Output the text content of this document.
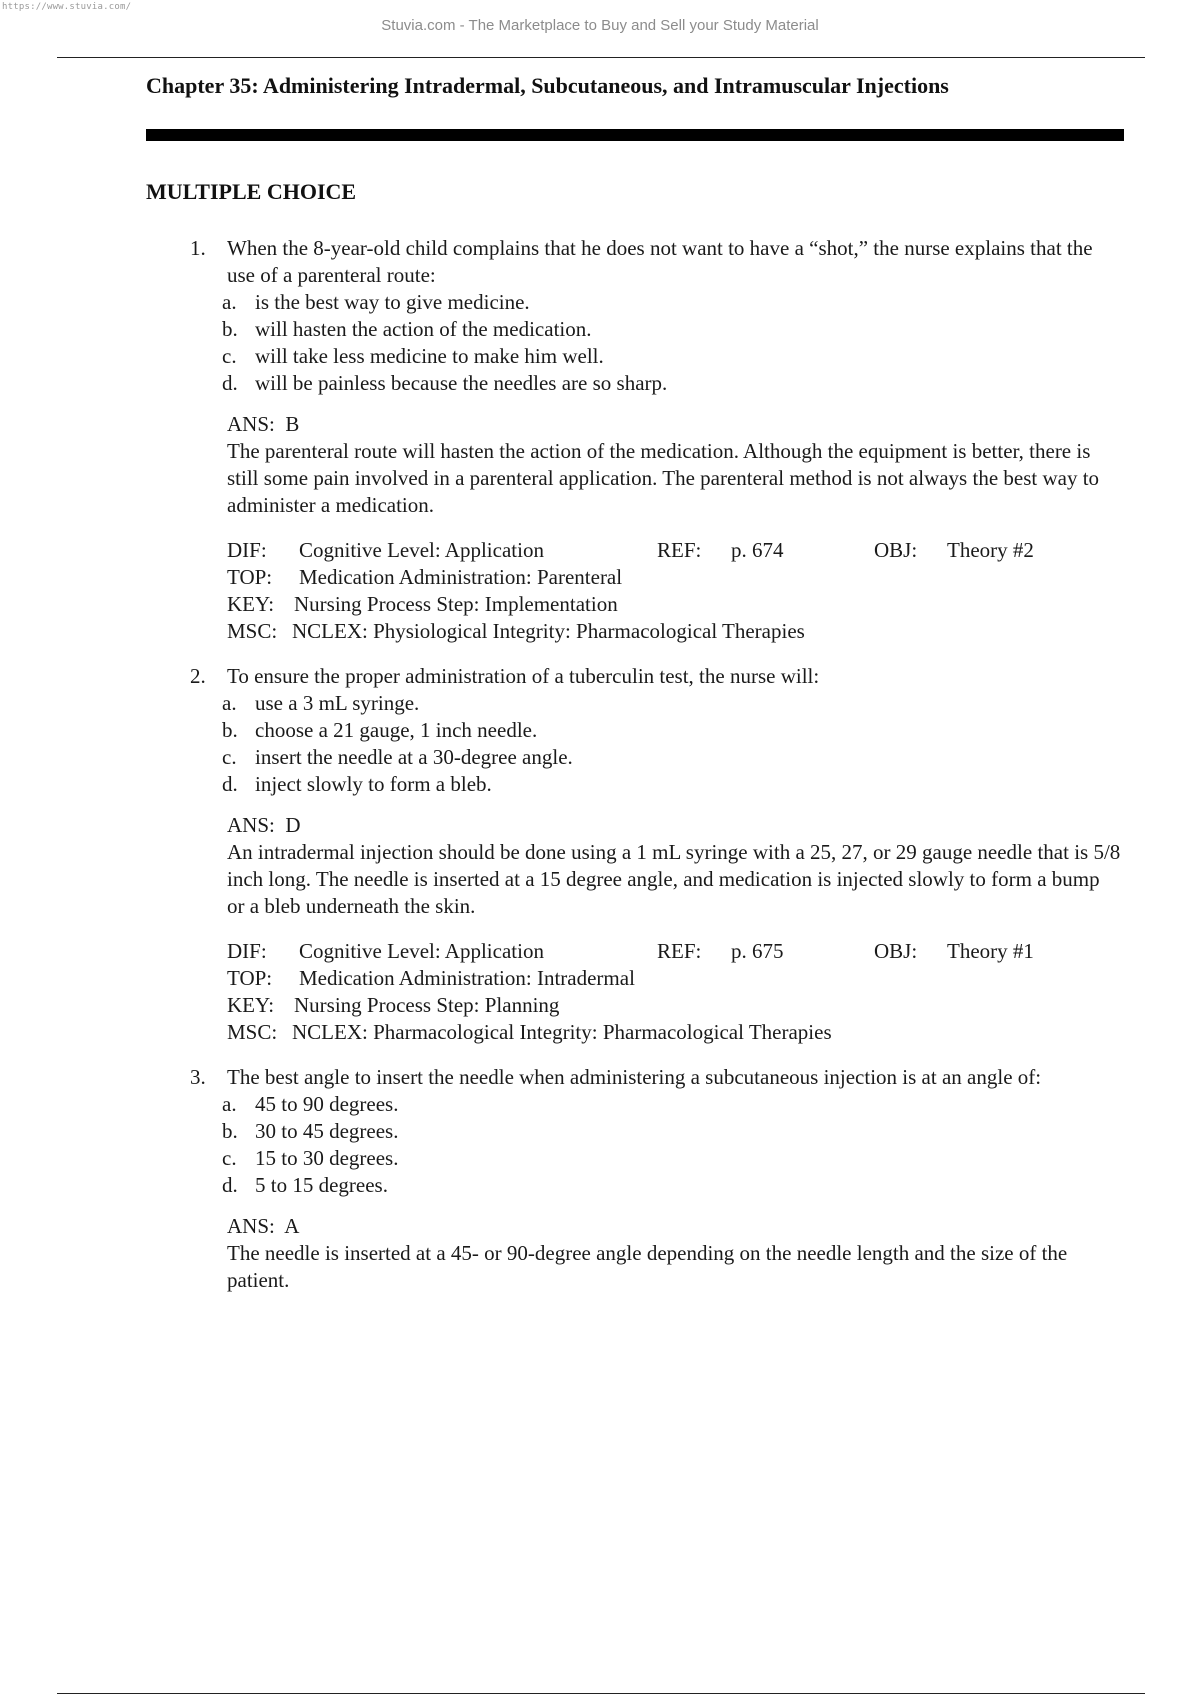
https://www.stuvia.com/
Stuvia.com - The Marketplace to Buy and Sell your Study Material
Chapter 35: Administering Intradermal, Subcutaneous, and Intramuscular Injections
MULTIPLE CHOICE
1.	When the 8-year-old child complains that he does not want to have a “shot,” the nurse explains that the use of a parenteral route:
a. is the best way to give medicine.
b. will hasten the action of the medication.
c. will take less medicine to make him well.
d. will be painless because the needles are so sharp.

ANS: B

The parenteral route will hasten the action of the medication. Although the equipment is better, there is still some pain involved in a parenteral application. The parenteral method is not always the best way to administer a medication.

DIF: Cognitive Level: Application	REF: p. 674	OBJ: Theory #2
TOP: Medication Administration: Parenteral
KEY: Nursing Process Step: Implementation
MSC: NCLEX: Physiological Integrity: Pharmacological Therapies
2.	To ensure the proper administration of a tuberculin test, the nurse will:
a. use a 3 mL syringe.
b. choose a 21 gauge, 1 inch needle.
c. insert the needle at a 30-degree angle.
d. inject slowly to form a bleb.

ANS: D

An intradermal injection should be done using a 1 mL syringe with a 25, 27, or 29 gauge needle that is 5/8 inch long. The needle is inserted at a 15 degree angle, and medication is injected slowly to form a bump or a bleb underneath the skin.

DIF: Cognitive Level: Application	REF: p. 675	OBJ: Theory #1
TOP: Medication Administration: Intradermal
KEY: Nursing Process Step: Planning
MSC: NCLEX: Pharmacological Integrity: Pharmacological Therapies
3.	The best angle to insert the needle when administering a subcutaneous injection is at an angle of:
a. 45 to 90 degrees.
b. 30 to 45 degrees.
c. 15 to 30 degrees.
d. 5 to 15 degrees.

ANS: A

The needle is inserted at a 45- or 90-degree angle depending on the needle length and the size of the patient.
